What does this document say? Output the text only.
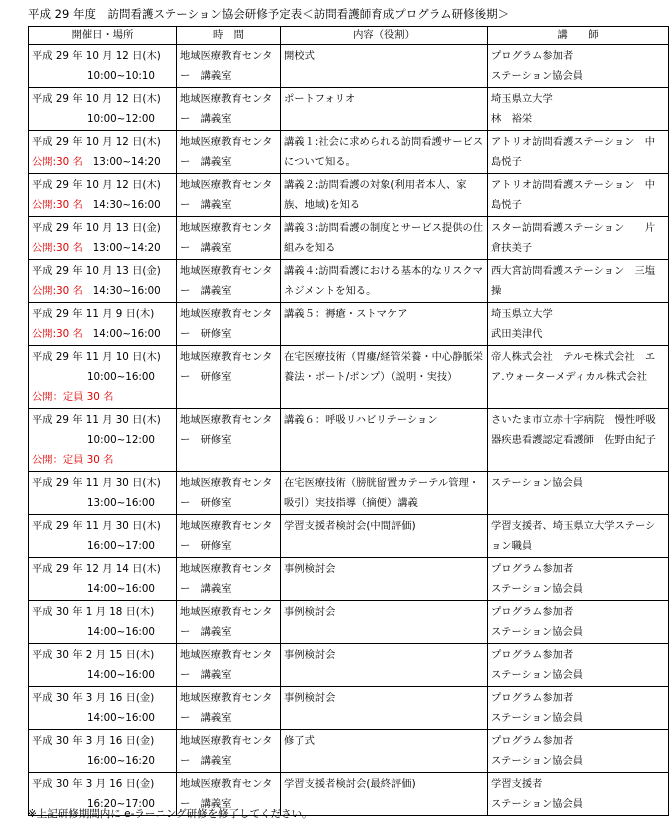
平成 29 年度　訪問看護ステーション協会研修予定表＜訪問看護師育成プログラム研修後期＞
開催日・場所	時　間	内容（役割）	講　　師

平成 29 年 10 月 12 日(木)
10:00~10:10	地域医療教育センター　講義室	開校式	プログラム参加者
ステーション協会員

平成 29 年 10 月 12 日(木)
10:00~12:00	地域医療教育センター　講義室	ポートフォリオ	埼玉県立大学
林　裕栄

平成 29 年 10 月 12 日(木)
公開:30 名 13:00~14:20	地域医療教育センター　講義室	講義１:社会に求められる訪問看護サービスについて知る。	アトリオ訪問看護ステーション　中島悦子

平成 29 年 10 月 12 日(木)
公開:30 名 14:30~16:00	地域医療教育センター　講義室	講義２:訪問看護の対象(利用者本人、家族、地域)を知る	アトリオ訪問看護ステーション　中島悦子

平成 29 年 10 月 13 日(金)
公開:30 名 13:00~14:20	地域医療教育センター　講義室	講義３:訪問看護の制度とサービス提供の仕組みを知る	スター訪問看護ステーション　　片倉扶美子

平成 29 年 10 月 13 日(金)
公開:30 名 14:30~16:00	地域医療教育センター　講義室	講義４:訪問看護における基本的なリスクマネジメントを知る。	西大宮訪問看護ステーション　三塩　操

平成 29 年 11 月 9 日(木)
公開:30 名 14:00~16:00	地域医療教育センター　研修室	講義５：褥瘡・ストマケア	埼玉県立大学
武田美津代

平成 29 年 11 月 10 日(木)
10:00~16:00
公開：定員 30 名	地域医療教育センター　研修室	在宅医療技術（胃瘻/経管栄養・中心静脈栄養法・ポート/ポンプ）（説明・実技）	帝人株式会社　テルモ株式会社　エア.ウォーターメディカル株式会社

平成 29 年 11 月 30 日(木)
10:00~12:00
公開：定員 30 名	地域医療教育センター　研修室	講義６：呼吸リハビリテーション	さいたま市立赤十字病院　慢性呼吸器疾患看護認定看護師　佐野由紀子

平成 29 年 11 月 30 日(木)
13:00~16:00	地域医療教育センター　研修室	在宅医療技術（膀胱留置カテーテル管理・吸引）実技指導（摘便）講義	ステーション協会員

平成 29 年 11 月 30 日(木)
16:00~17:00	地域医療教育センター　研修室	学習支援者検討会(中間評価)	学習支援者、埼玉県立大学ステーション職員

平成 29 年 12 月 14 日(木)
14:00~16:00	地域医療教育センター　講義室	事例検討会	プログラム参加者
ステーション協会員

平成 30 年 1 月 18 日(木)
14:00~16:00	地域医療教育センター　講義室	事例検討会	プログラム参加者
ステーション協会員

平成 30 年 2 月 15 日(木)
14:00~16:00	地域医療教育センター　講義室	事例検討会	プログラム参加者
ステーション協会員

平成 30 年 3 月 16 日(金)
14:00~16:00	地域医療教育センター　講義室	事例検討会	プログラム参加者
ステーション協会員

平成 30 年 3 月 16 日(金)
16:00~16:20	地域医療教育センター　講義室	修了式	プログラム参加者
ステーション協会員

平成 30 年 3 月 16 日(金)
16:20~17:00	地域医療教育センター　講義室	学習支援者検討会(最終評価)	学習支援者
ステーション協会員
※上記研修期間内に e-ラーニング研修を修了してください。
